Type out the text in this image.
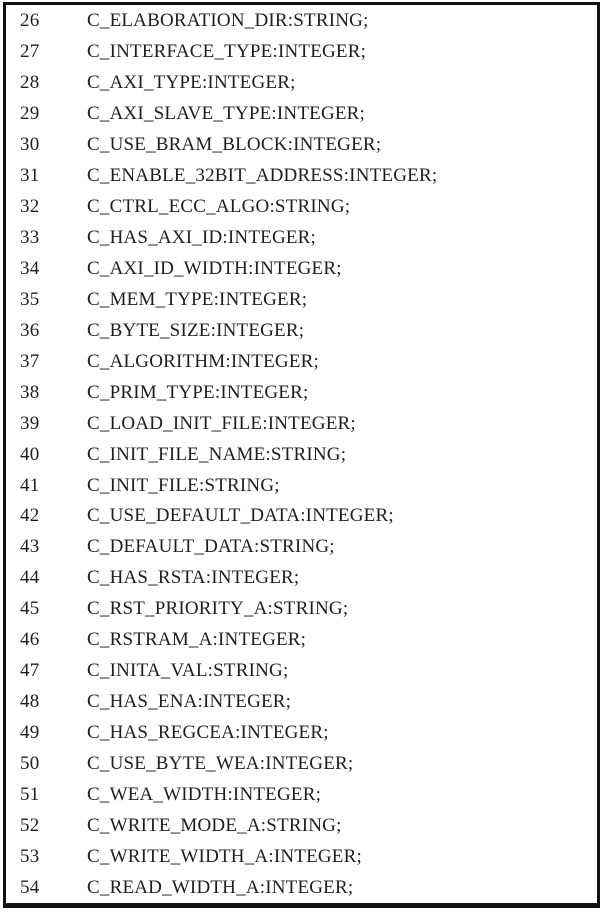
26	C_ELABORATION_DIR:STRING;
27	C_INTERFACE_TYPE:INTEGER;
28	C_AXI_TYPE:INTEGER;
29	C_AXI_SLAVE_TYPE:INTEGER;
30	C_USE_BRAM_BLOCK:INTEGER;
31	C_ENABLE_32BIT_ADDRESS:INTEGER;
32	C_CTRL_ECC_ALGO:STRING;
33	C_HAS_AXI_ID:INTEGER;
34	C_AXI_ID_WIDTH:INTEGER;
35	C_MEM_TYPE:INTEGER;
36	C_BYTE_SIZE:INTEGER;
37	C_ALGORITHM:INTEGER;
38	C_PRIM_TYPE:INTEGER;
39	C_LOAD_INIT_FILE:INTEGER;
40	C_INIT_FILE_NAME:STRING;
41	C_INIT_FILE:STRING;
42	C_USE_DEFAULT_DATA:INTEGER;
43	C_DEFAULT_DATA:STRING;
44	C_HAS_RSTA:INTEGER;
45	C_RST_PRIORITY_A:STRING;
46	C_RSTRAM_A:INTEGER;
47	C_INITA_VAL:STRING;
48	C_HAS_ENA:INTEGER;
49	C_HAS_REGCEA:INTEGER;
50	C_USE_BYTE_WEA:INTEGER;
51	C_WEA_WIDTH:INTEGER;
52	C_WRITE_MODE_A:STRING;
53	C_WRITE_WIDTH_A:INTEGER;
54	C_READ_WIDTH_A:INTEGER;
